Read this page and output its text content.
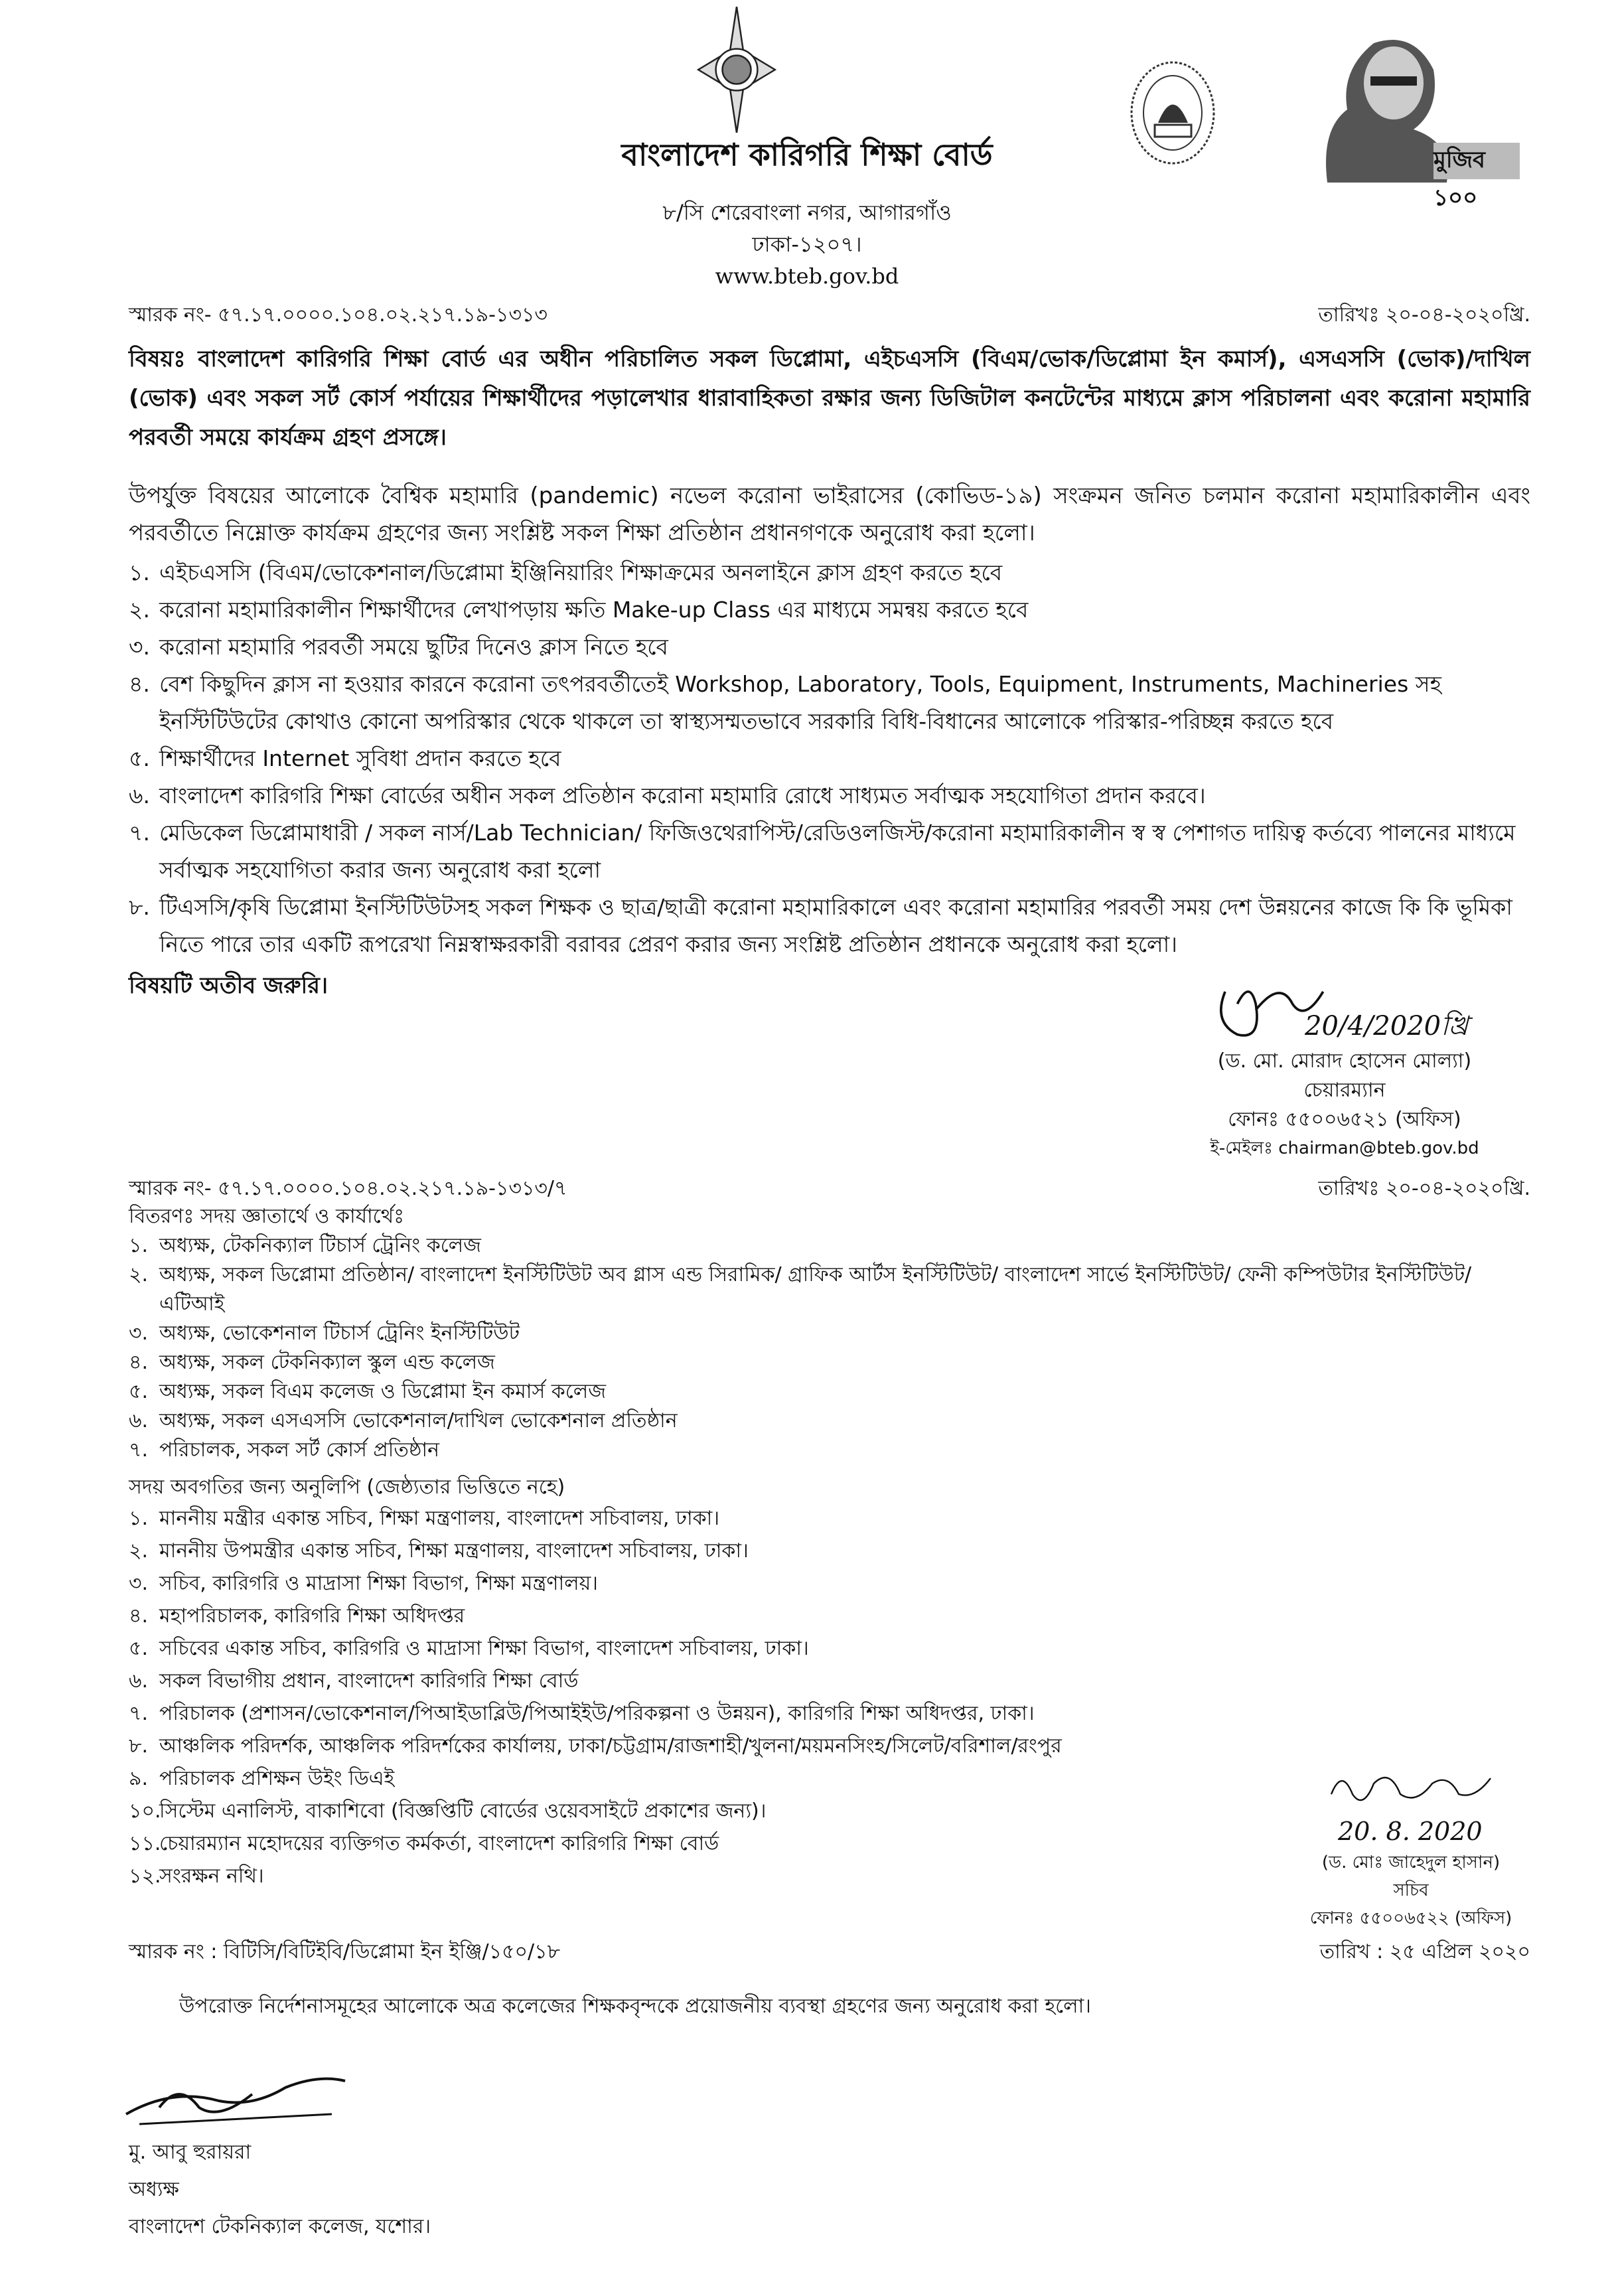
মুজিব ১০০
বাংলাদেশ কারিগরি শিক্ষা বোর্ড
৮/সি শেরেবাংলা নগর, আগারগাঁও
ঢাকা-১২০৭।
www.bteb.gov.bd
স্মারক নং- ৫৭.১৭.০০০০.১০৪.০২.২১৭.১৯-১৩১৩	তারিখঃ ২০-০৪-২০২০খ্রি.
বিষয়ঃ বাংলাদেশ কারিগরি শিক্ষা বোর্ড এর অধীন পরিচালিত সকল ডিপ্লোমা, এইচএসসি (বিএম/ভোক/ডিপ্লোমা ইন কমার্স), এসএসসি (ভোক)/দাখিল (ভোক) এবং সকল সর্ট কোর্স পর্যায়ের শিক্ষার্থীদের পড়ালেখার ধারাবাহিকতা রক্ষার জন্য ডিজিটাল কনটেন্টের মাধ্যমে ক্লাস পরিচালনা এবং করোনা মহামারি পরবর্তী সময়ে কার্যক্রম গ্রহণ প্রসঙ্গে।
উপর্যুক্ত বিষয়ের আলোকে বৈশ্বিক মহামারি (pandemic) নভেল করোনা ভাইরাসের (কোভিড-১৯) সংক্রমন জনিত চলমান করোনা মহামারিকালীন এবং পরবর্তীতে নিম্নোক্ত কার্যক্রম গ্রহণের জন্য সংশ্লিষ্ট সকল শিক্ষা প্রতিষ্ঠান প্রধানগণকে অনুরোধ করা হলো।
১. এইচএসসি (বিএম/ভোকেশনাল/ডিপ্লোমা ইঞ্জিনিয়ারিং শিক্ষাক্রমের অনলাইনে ক্লাস গ্রহণ করতে হবে
২. করোনা মহামারিকালীন শিক্ষার্থীদের লেখাপড়ায় ক্ষতি Make-up Class এর মাধ্যমে সমন্বয় করতে হবে
৩. করোনা মহামারি পরবর্তী সময়ে ছুটির দিনেও ক্লাস নিতে হবে
৪. বেশ কিছুদিন ক্লাস না হওয়ার কারনে করোনা তৎপরবর্তীতেই Workshop, Laboratory, Tools, Equipment, Instruments, Machineries সহ ইনস্টিটিউটের কোথাও কোনো অপরিস্কার থেকে থাকলে তা স্বাস্থ্যসম্মতভাবে সরকারি বিধি-বিধানের আলোকে পরিস্কার-পরিচ্ছন্ন করতে হবে
৫. শিক্ষার্থীদের Internet সুবিধা প্রদান করতে হবে
৬. বাংলাদেশ কারিগরি শিক্ষা বোর্ডের অধীন সকল প্রতিষ্ঠান করোনা মহামারি রোধে সাধ্যমত সর্বাত্মক সহযোগিতা প্রদান করবে।
৭. মেডিকেল ডিপ্লোমাধারী / সকল নার্স/Lab Technician/ ফিজিওথেরাপিস্ট/রেডিওলজিস্ট/করোনা মহামারিকালীন স্ব স্ব পেশাগত দায়িত্ব কর্তব্যে পালনের মাধ্যমে সর্বাত্মক সহযোগিতা করার জন্য অনুরোধ করা হলো
৮. টিএসসি/কৃষি ডিপ্লোমা ইনস্টিটিউটসহ সকল শিক্ষক ও ছাত্র/ছাত্রী করোনা মহামারিকালে এবং করোনা মহামারির পরবর্তী সময় দেশ উন্নয়নের কাজে কি কি ভূমিকা নিতে পারে তার একটি রূপরেখা নিম্নস্বাক্ষরকারী বরাবর প্রেরণ করার জন্য সংশ্লিষ্ট প্রতিষ্ঠান প্রধানকে অনুরোধ করা হলো।
বিষয়টি অতীব জরুরি।
20/4/2020খ্রি
(ড. মো. মোরাদ হোসেন মোল্যা)
চেয়ারম্যান
ফোনঃ ৫৫০০৬৫২১ (অফিস)
ই-মেইলঃ chairman@bteb.gov.bd
স্মারক নং- ৫৭.১৭.০০০০.১০৪.০২.২১৭.১৯-১৩১৩/৭	তারিখঃ ২০-০৪-২০২০খ্রি.
বিতরণঃ সদয় জ্ঞাতার্থে ও কার্যার্থেঃ
১. অধ্যক্ষ, টেকনিক্যাল টিচার্স ট্রেনিং কলেজ
২. অধ্যক্ষ, সকল ডিপ্লোমা প্রতিষ্ঠান/ বাংলাদেশ ইনস্টিটিউট অব গ্লাস এন্ড সিরামিক/ গ্রাফিক আর্টস ইনস্টিটিউট/ বাংলাদেশ সার্ভে ইনস্টিটিউট/ ফেনী কম্পিউটার ইনস্টিটিউট/ এটিআই
৩. অধ্যক্ষ, ভোকেশনাল টিচার্স ট্রেনিং ইনস্টিটিউট
৪. অধ্যক্ষ, সকল টেকনিক্যাল স্কুল এন্ড কলেজ
৫. অধ্যক্ষ, সকল বিএম কলেজ ও ডিপ্লোমা ইন কমার্স কলেজ
৬. অধ্যক্ষ, সকল এসএসসি ভোকেশনাল/দাখিল ভোকেশনাল প্রতিষ্ঠান
৭. পরিচালক, সকল সর্ট কোর্স প্রতিষ্ঠান
সদয় অবগতির জন্য অনুলিপি (জেষ্ঠ্যতার ভিত্তিতে নহে)
১. মাননীয় মন্ত্রীর একান্ত সচিব, শিক্ষা মন্ত্রণালয়, বাংলাদেশ সচিবালয়, ঢাকা।
২. মাননীয় উপমন্ত্রীর একান্ত সচিব, শিক্ষা মন্ত্রণালয়, বাংলাদেশ সচিবালয়, ঢাকা।
৩. সচিব, কারিগরি ও মাদ্রাসা শিক্ষা বিভাগ, শিক্ষা মন্ত্রণালয়।
৪. মহাপরিচালক, কারিগরি শিক্ষা অধিদপ্তর
৫. সচিবের একান্ত সচিব, কারিগরি ও মাদ্রাসা শিক্ষা বিভাগ, বাংলাদেশ সচিবালয়, ঢাকা।
৬. সকল বিভাগীয় প্রধান, বাংলাদেশ কারিগরি শিক্ষা বোর্ড
৭. পরিচালক (প্রশাসন/ভোকেশনাল/পিআইডাব্লিউ/পিআইইউ/পরিকল্পনা ও উন্নয়ন), কারিগরি শিক্ষা অধিদপ্তর, ঢাকা।
৮. আঞ্চলিক পরিদর্শক, আঞ্চলিক পরিদর্শকের কার্যালয়, ঢাকা/চট্টগ্রাম/রাজশাহী/খুলনা/ময়মনসিংহ/সিলেট/বরিশাল/রংপুর
৯. পরিচালক প্রশিক্ষন উইং ডিএই
১০.
সিস্টেম এনালিস্ট, বাকাশিবো (বিজ্ঞপ্তিটি বোর্ডের ওয়েবসাইটে প্রকাশের জন্য)।
১১.
চেয়ারম্যান মহোদয়ের ব্যক্তিগত কর্মকর্তা, বাংলাদেশ কারিগরি শিক্ষা বোর্ড
১২.
সংরক্ষন নথি।
20. 8. 2020
(ড. মোঃ জাহেদুল হাসান)
সচিব
ফোনঃ ৫৫০০৬৫২২ (অফিস)
স্মারক নং : বিটিসি/বিটিইবি/ডিপ্লোমা ইন ইঞ্জি/১৫০/১৮	তারিখ : ২৫ এপ্রিল ২০২০
উপরোক্ত নির্দেশনাসমূহের আলোকে অত্র কলেজের শিক্ষকবৃন্দকে প্রয়োজনীয় ব্যবস্থা গ্রহণের জন্য অনুরোধ করা হলো।
মু. আবু হুরায়রা
অধ্যক্ষ
বাংলাদেশ টেকনিক্যাল কলেজ, যশোর।
